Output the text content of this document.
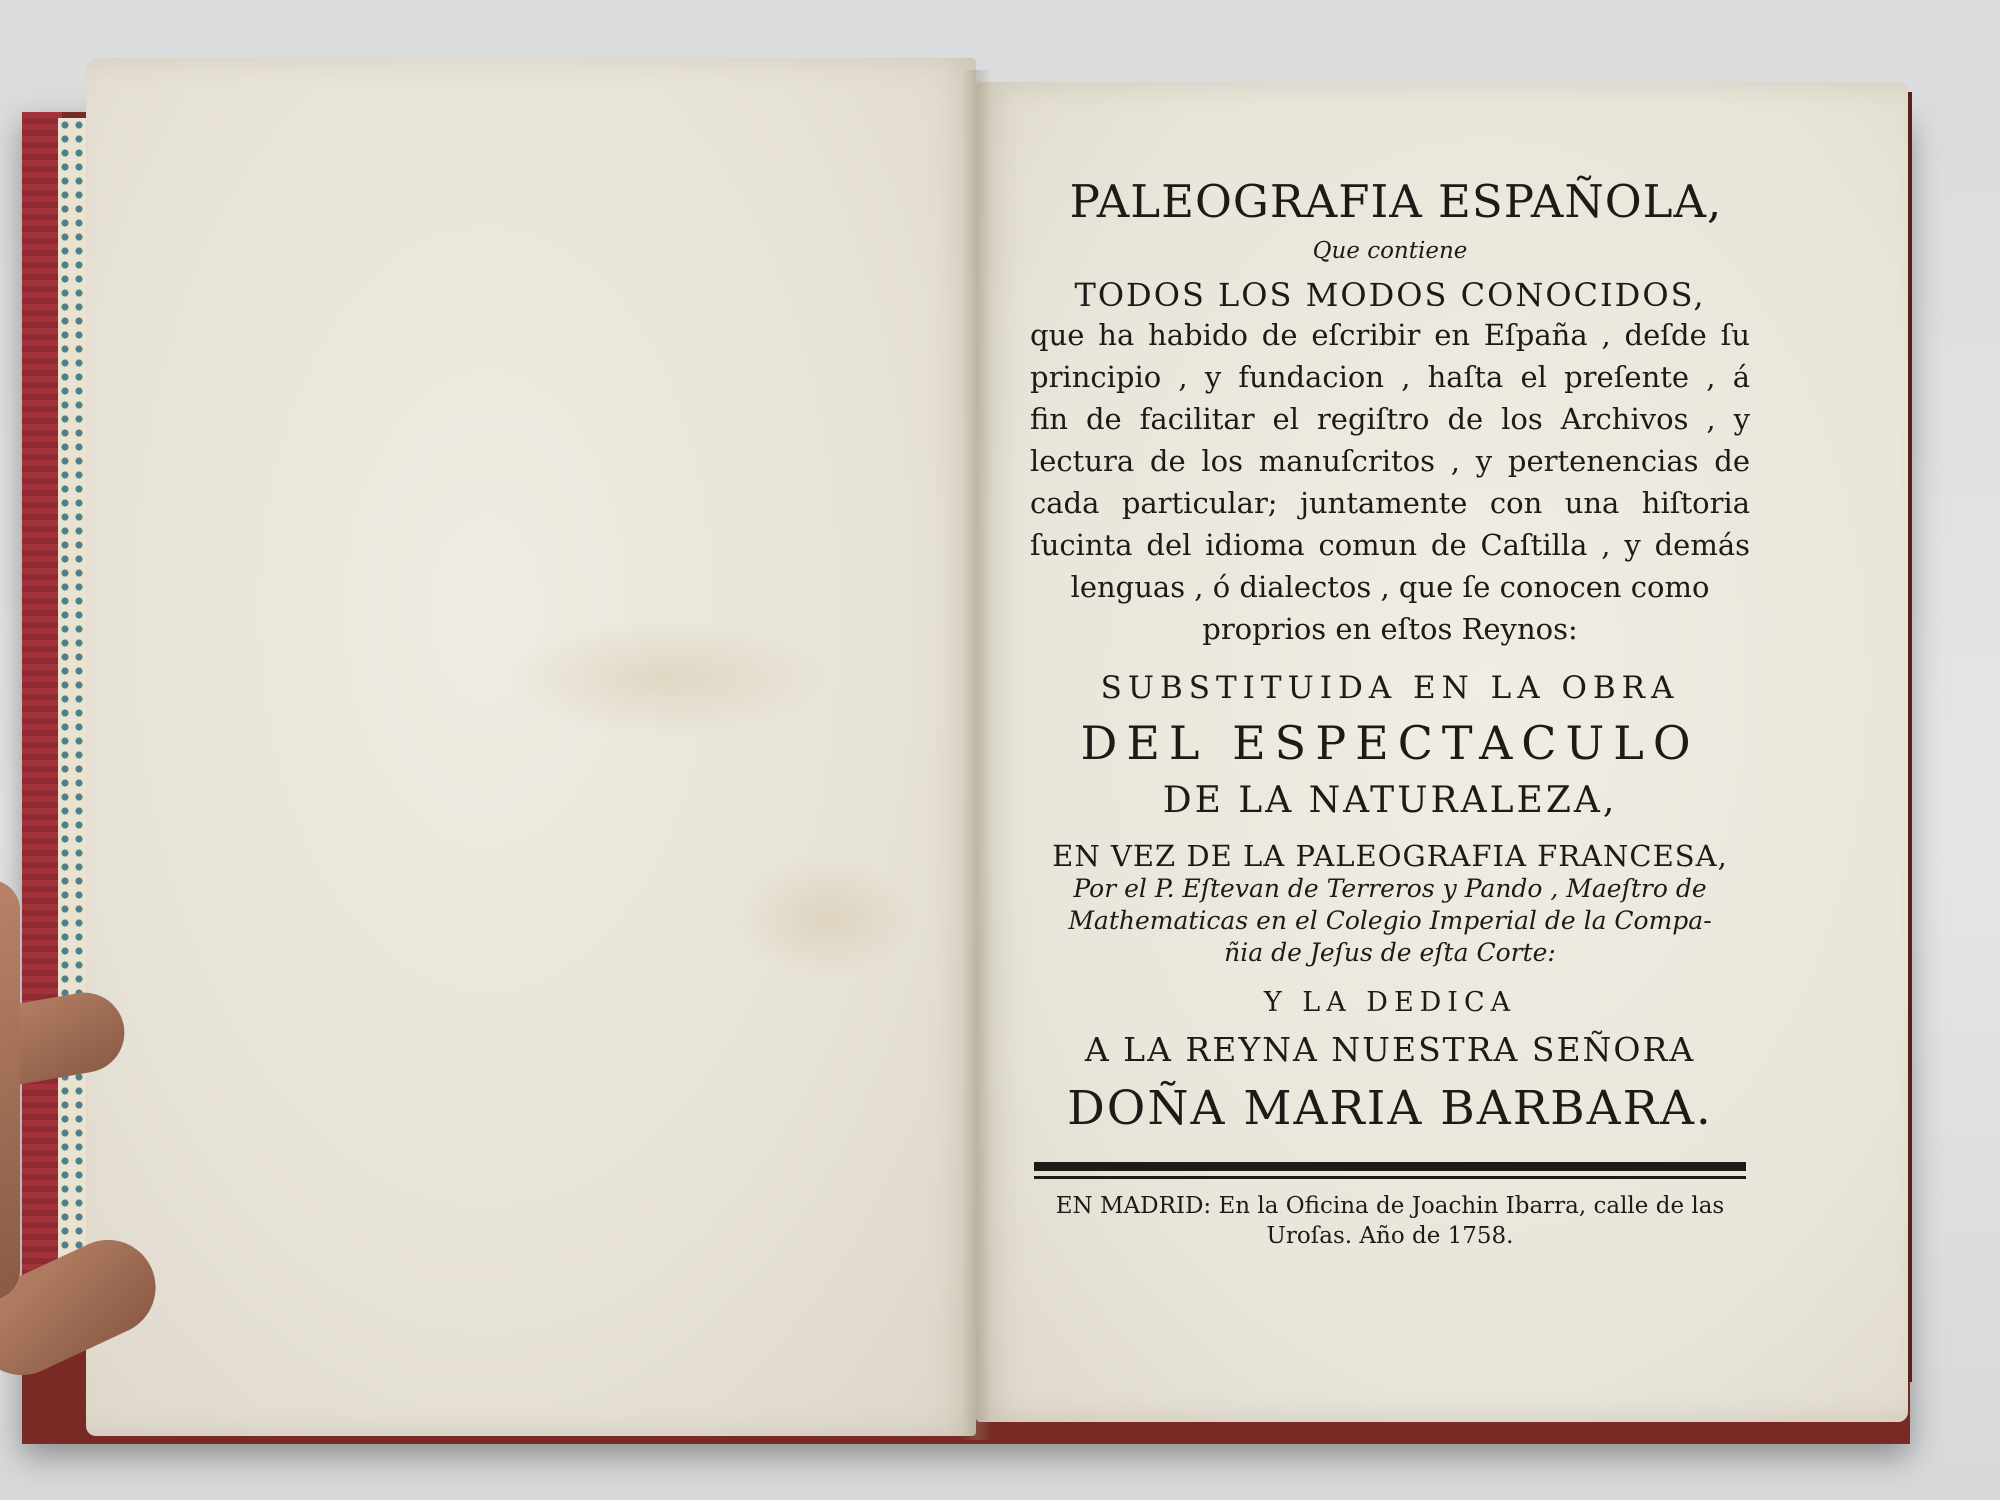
PALEOGRAFIA ESPAÑOLA,
Que contiene
TODOS LOS MODOS CONOCIDOS,
que ha habido de eſcribir en Eſpaña , deſde ſu
principio , y fundacion , haſta el preſente , á
fin de facilitar el regiſtro de los Archivos , y
lectura de los manuſcritos , y pertenencias de
cada particular; juntamente con una hiſtoria
ſucinta del idioma comun de Caſtilla , y demás
lenguas , ó dialectos , que ſe conocen como
proprios en eſtos Reynos:
SUBSTITUIDA EN LA OBRA
DEL ESPECTACULO
DE LA NATURALEZA,
EN VEZ DE LA PALEOGRAFIA FRANCESA,
Por el P. Eſtevan de Terreros y Pando , Maeſtro de
Mathematicas en el Colegio Imperial de la Compa-
ñia de Jeſus de eſta Corte:
Y LA DEDICA
A LA REYNA NUESTRA SEÑORA
DOÑA MARIA BARBARA.
EN MADRID: En la Oficina de Joachin Ibarra, calle de las
Uroſas. Año de 1758.
